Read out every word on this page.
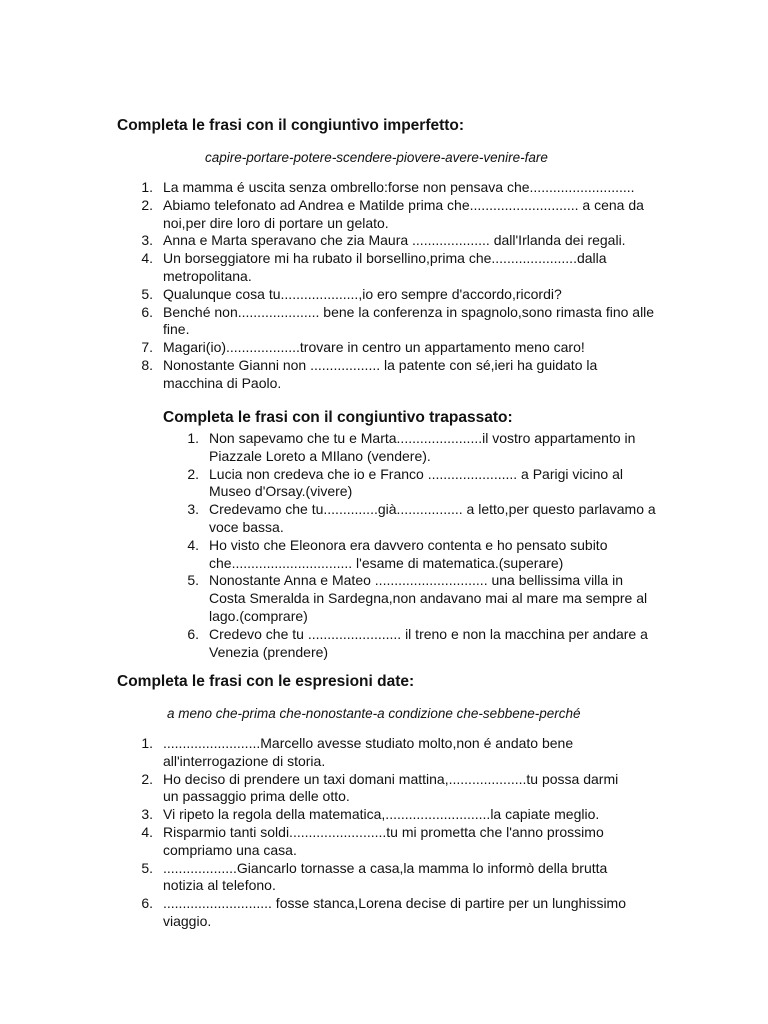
Completa le frasi con il congiuntivo imperfetto:
capire-portare-potere-scendere-piovere-avere-venire-fare
1. La mamma é uscita senza ombrello:forse non pensava che...........................
2. Abiamo telefonato ad Andrea e Matilde prima che............................ a cena da noi,per dire loro di portare un gelato.
3. Anna e Marta speravano che zia Maura .................... dall'Irlanda dei regali.
4. Un borseggiatore mi ha rubato il borsellino,prima che......................dalla metropolitana.
5. Qualunque cosa tu....................,io ero sempre d'accordo,ricordi?
6. Benché non..................... bene la conferenza in spagnolo,sono rimasta fino alle fine.
7. Magari(io)...................trovare in centro un appartamento meno caro!
8. Nonostante Gianni non .................. la patente con sé,ieri ha guidato la macchina di Paolo.
Completa le frasi con il congiuntivo trapassato:
1. Non sapevamo che tu e Marta......................il vostro appartamento in Piazzale Loreto a MIlano (vendere).
2. Lucia non credeva che io e Franco ....................... a Parigi vicino al Museo d'Orsay.(vivere)
3. Credevamo che tu..............già................. a letto,per questo parlavamo a voce bassa.
4. Ho visto che Eleonora era davvero contenta e ho pensato subito che............................... l'esame di matematica.(superare)
5. Nonostante Anna e Mateo ............................. una bellissima villa in Costa Smeralda in Sardegna,non andavano mai al mare ma sempre al lago.(comprare)
6. Credevo che tu ........................ il treno e non la macchina per andare a Venezia (prendere)
Completa le frasi con le espresioni date:
a meno che-prima che-nonostante-a condizione che-sebbene-perché
1. .........................Marcello avesse studiato molto,non é andato bene all'interrogazione di storia.
2. Ho deciso di prendere un taxi domani mattina,....................tu possa darmi un passaggio prima delle otto.
3. Vi ripeto la regola della matematica,...........................la capiate meglio.
4. Risparmio tanti soldi.........................tu mi prometta che l'anno prossimo compriamo una casa.
5. ...................Giancarlo tornasse a casa,la mamma lo informò della brutta notizia al telefono.
6. ............................ fosse stanca,Lorena decise di partire per un lunghissimo viaggio.
